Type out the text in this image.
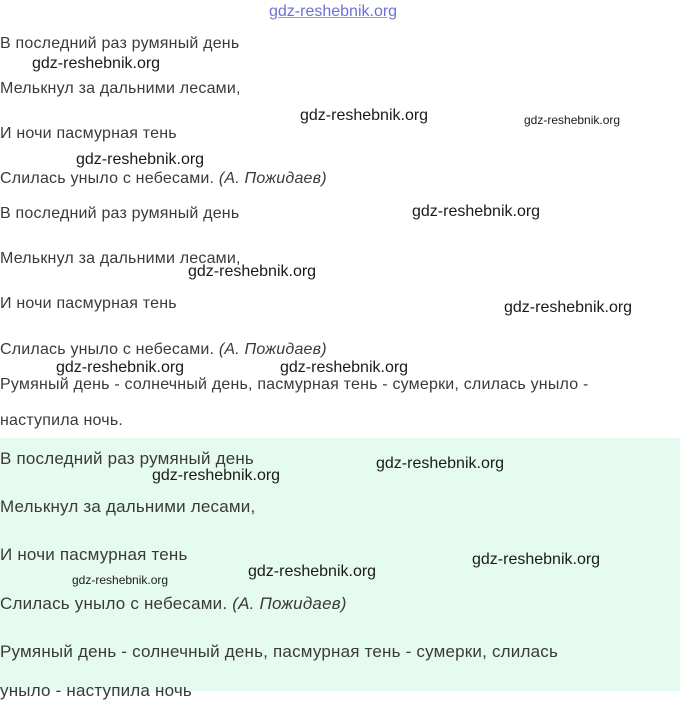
gdz-reshebnik.org
В последний раз румяный день
Мелькнул за дальними лесами,
И ночи пасмурная тень
Слилась уныло с небесами. (А. Пожидаев)
В последний раз румяный день
Мелькнул за дальними лесами,
И ночи пасмурная тень
Слилась уныло с небесами. (А. Пожидаев)
Румяный день - солнечный день, пасмурная тень - сумерки, слилась уныло -
наступила ночь.
В последний раз румяный день
Мелькнул за дальними лесами,
И ночи пасмурная тень
Слилась уныло с небесами. (А. Пожидаев)
Румяный день - солнечный день, пасмурная тень - сумерки, слилась
уныло - наступила ночь
gdz-reshebnik.org
gdz-reshebnik.org	gdz-reshebnik.org
gdz-reshebnik.org
gdz-reshebnik.org
gdz-reshebnik.org
gdz-reshebnik.org
gdz-reshebnik.org	gdz-reshebnik.org
gdz-reshebnik.org
gdz-reshebnik.org
gdz-reshebnik.org
gdz-reshebnik.org
gdz-reshebnik.org
